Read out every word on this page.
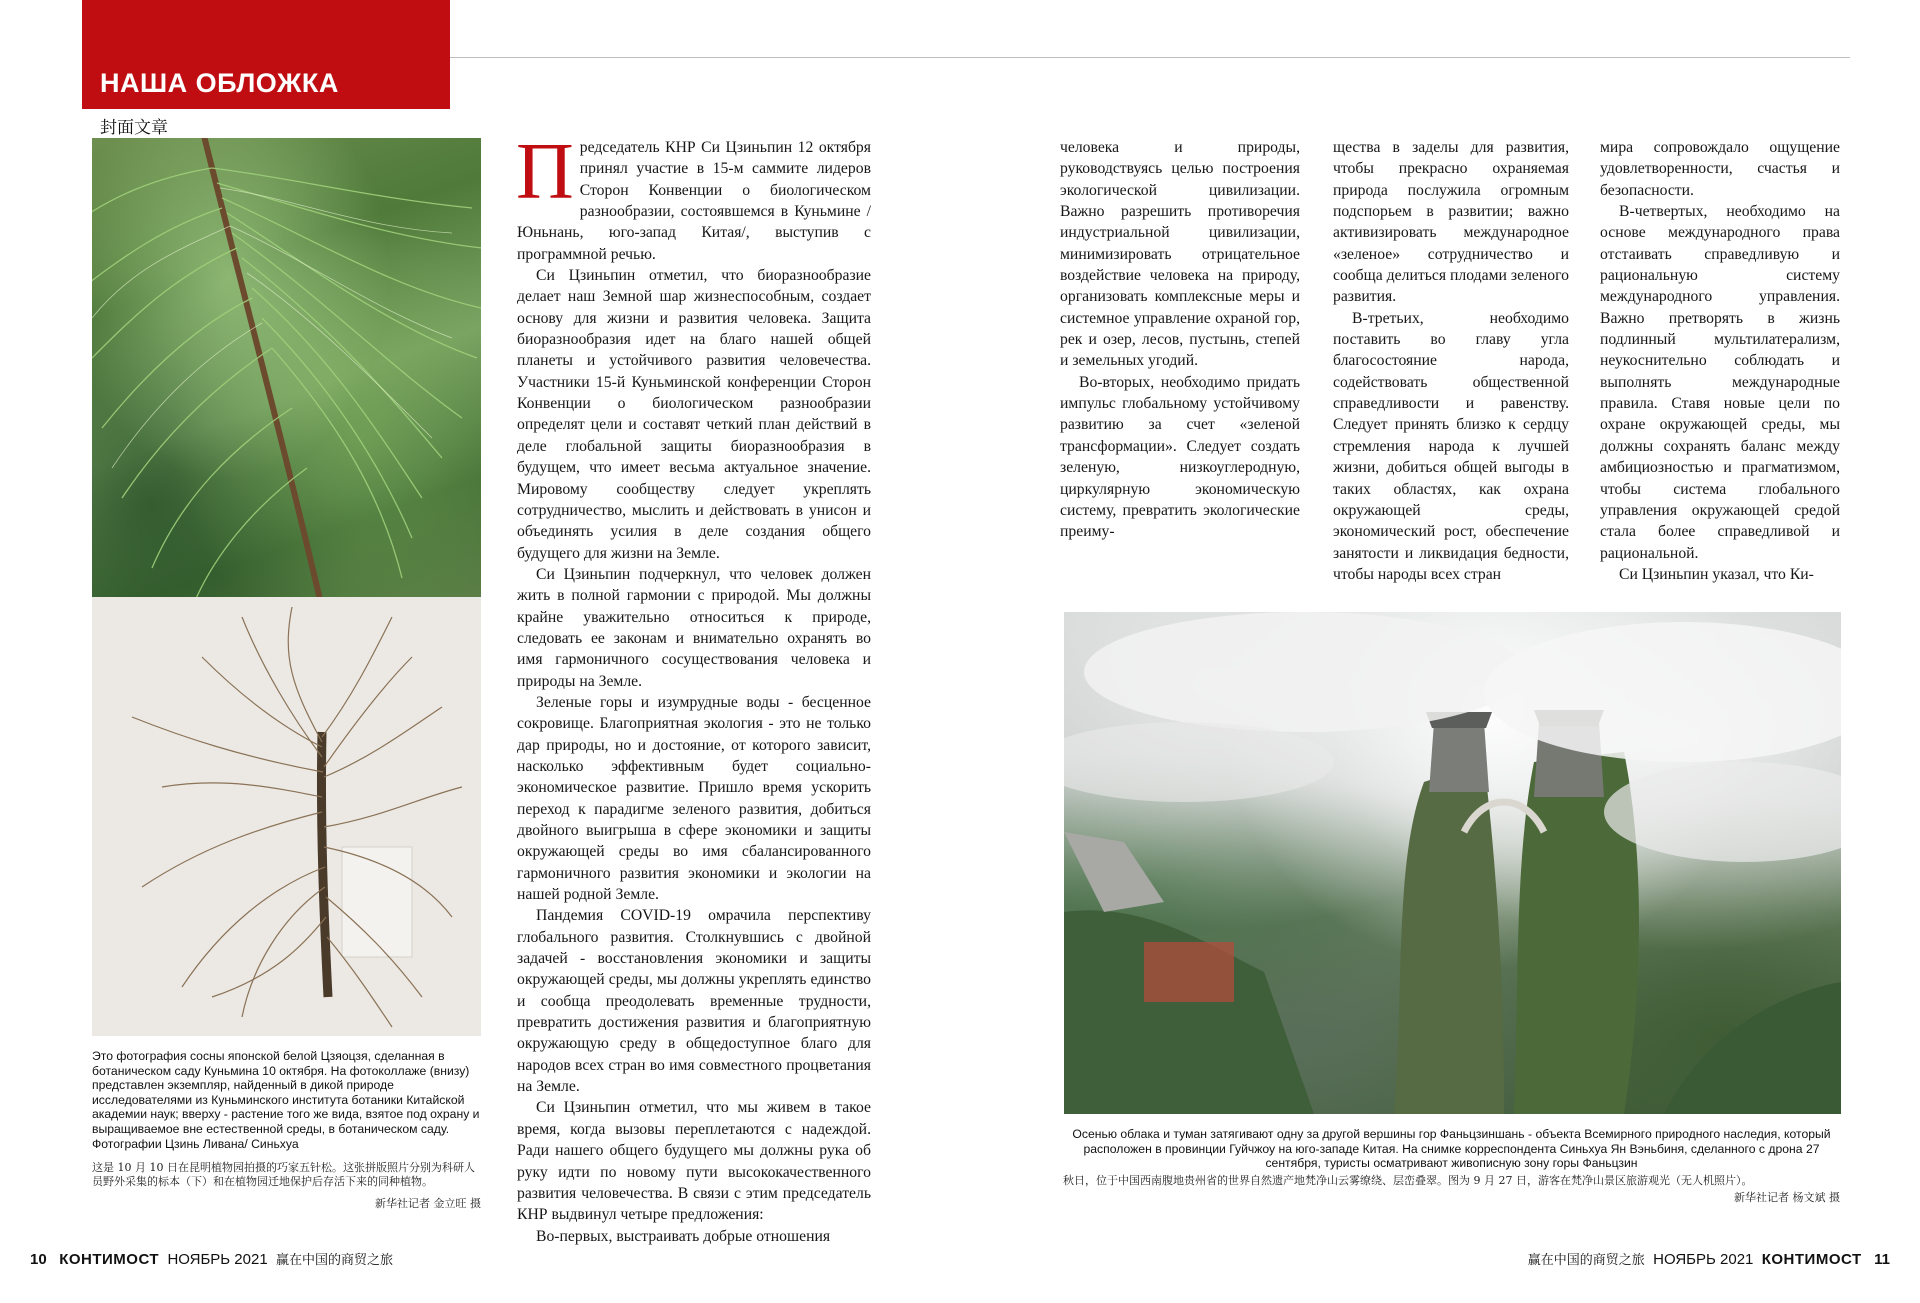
НАША ОБЛОЖКА
封面文章
Это фотография сосны японской белой Цзяоцзя, сделанная в ботаническом саду Куньмина 10 октября. На фотоколлаже (внизу) представлен экземпляр, найденный в дикой природе исследователями из Куньминского института ботаники Китайской академии наук; вверху - растение того же вида, взятое под охрану и выращиваемое вне естественной среды, в ботаническом саду. Фотографии Цзинь Ливана/ Синьхуа
这是 10 月 10 日在昆明植物园拍摄的巧家五针松。这张拼版照片分别为科研人员野外采集的标本（下）和在植物园迁地保护后存活下来的同种植物。
新华社记者 金立旺 摄

Председатель КНР Си Цзиньпин 12 октября принял участие в 15-м саммите лидеров Сторон Конвенции о биологическом разнообразии, состоявшемся в Куньмине /Юньнань, юго-запад Китая/, выступив с программной речью.

Си Цзиньпин отметил, что биоразнообразие делает наш Земной шар жизнеспособным, создает основу для жизни и развития человека. Защита биоразнообразия идет на благо нашей общей планеты и устойчивого развития человечества. Участники 15-й Куньминской конференции Сторон Конвенции о биологическом разнообразии определят цели и составят четкий план действий в деле глобальной защиты биоразнообразия в будущем, что имеет весьма актуальное значение. Мировому сообществу следует укреплять сотрудничество, мыслить и действовать в унисон и объединять усилия в деле создания общего будущего для жизни на Земле.

Си Цзиньпин подчеркнул, что человек должен жить в полной гармонии с природой. Мы должны крайне уважительно относиться к природе, следовать ее законам и внимательно охранять во имя гармоничного сосуществования человека и природы на Земле.

Зеленые горы и изумрудные воды - бесценное сокровище. Благоприятная экология - это не только дар природы, но и достояние, от которого зависит, насколько эффективным будет социально-экономическое развитие. Пришло время ускорить переход к парадигме зеленого развития, добиться двойного выигрыша в сфере экономики и защиты окружающей среды во имя сбалансированного гармоничного развития экономики и экологии на нашей родной Земле.

Пандемия COVID-19 омрачила перспективу глобального развития. Столкнувшись с двойной задачей - восстановления экономики и защиты окружающей среды, мы должны укреплять единство и сообща преодолевать временные трудности, превратить достижения развития и благоприятную окружающую среду в общедоступное благо для народов всех стран во имя совместного процветания на Земле.

Си Цзиньпин отметил, что мы живем в такое время, когда вызовы переплетаются с надеждой. Ради нашего общего будущего мы должны рука об руку идти по новому пути высококачественного развития человечества. В связи с этим председатель КНР выдвинул четыре предложения:

Во-первых, выстраивать добрые отношения

человека и природы, руководствуясь целью построения экологической цивилизации. Важно разрешить противоречия индустриальной цивилизации, минимизировать отрицательное воздействие человека на природу, организовать комплексные меры и системное управление охраной гор, рек и озер, лесов, пустынь, степей и земельных угодий.

Во-вторых, необходимо придать импульс глобальному устойчивому развитию за счет «зеленой трансформации». Следует создать зеленую, низкоуглеродную, циркулярную экономическую систему, превратить экологические преиму-

щества в заделы для развития, чтобы прекрасно охраняемая природа послужила огромным подспорьем в развитии; важно активизировать международное «зеленое» сотрудничество и сообща делиться плодами зеленого развития.

В-третьих, необходимо поставить во главу угла благосостояние народа, содействовать общественной справедливости и равенству. Следует принять близко к сердцу стремления народа к лучшей жизни, добиться общей выгоды в таких областях, как охрана окружающей среды, экономический рост, обеспечение занятости и ликвидация бедности, чтобы народы всех стран

мира сопровождало ощущение удовлетворенности, счастья и безопасности.

В-четвертых, необходимо на основе международного права отстаивать справедливую и рациональную систему международного управления. Важно претворять в жизнь подлинный мультилатерализм, неукоснительно соблюдать и выполнять международные правила. Ставя новые цели по охране окружающей среды, мы должны сохранять баланс между амбициозностью и прагматизмом, чтобы система глобального управления окружающей средой стала более справедливой и рациональной.

Си Цзиньпин указал, что Ки-

Осенью облака и туман затягивают одну за другой вершины гор Фаньцзиншань - объекта Всемирного природного наследия, который расположен в провинции Гуйчжоу на юго-западе Китая. На снимке корреспондента Синьхуа Ян Вэньбиня, сделанного с дрона 27 сентября, туристы осматривают живописную зону горы Фаньцзин
秋日，位于中国西南腹地贵州省的世界自然遗产地梵净山云雾缭绕、层峦叠翠。图为 9 月 27 日，游客在梵净山景区旅游观光（无人机照片）。
新华社记者 杨文斌 摄
10 КОНТИМОСТ НОЯБРЬ 2021 赢在中国的商贸之旅	赢在中国的商贸之旅 НОЯБРЬ 2021 КОНТИМОСТ 11
